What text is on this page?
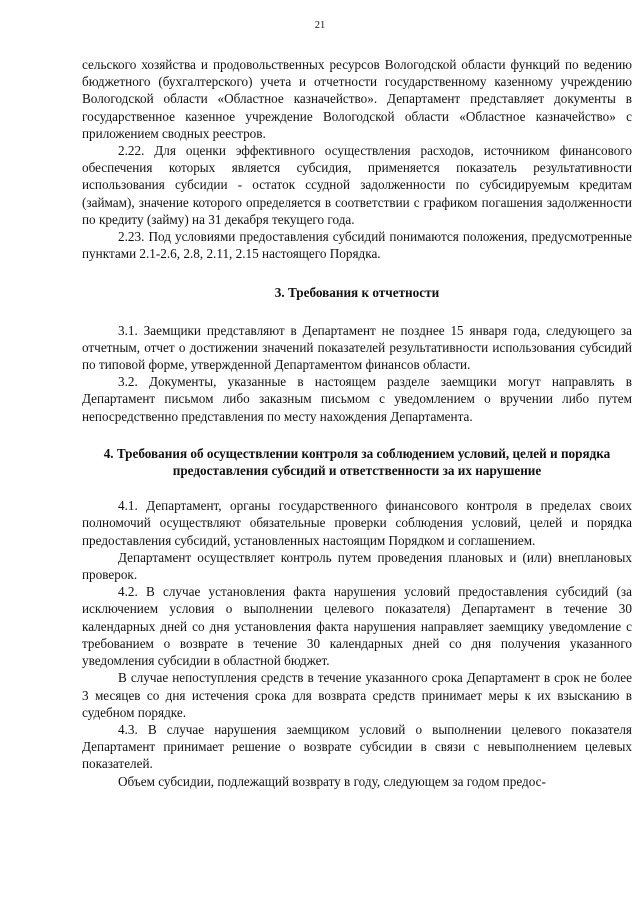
21

сельского хозяйства и продовольственных ресурсов Вологодской области функций по ведению бюджетного (бухгалтерского) учета и отчетности государственному казенному учреждению Вологодской области «Областное казначейство». Департамент представляет документы в государственное казенное учреждение Вологодской области «Областное казначейство» с приложением сводных реестров.

2.22. Для оценки эффективного осуществления расходов, источником финансового обеспечения которых является субсидия, применяется показатель результативности использования субсидии - остаток ссудной задолженности по субсидируемым кредитам (займам), значение которого определяется в соответствии с графиком погашения задолженности по кредиту (займу) на 31 декабря текущего года.

2.23. Под условиями предоставления субсидий понимаются положения, предусмотренные пунктами 2.1-2.6, 2.8, 2.11, 2.15 настоящего Порядка.

3. Требования к отчетности

3.1. Заемщики представляют в Департамент не позднее 15 января года, следующего за отчетным, отчет о достижении значений показателей результативности использования субсидий по типовой форме, утвержденной Департаментом финансов области.

3.2. Документы, указанные в настоящем разделе заемщики могут направлять в Департамент письмом либо заказным письмом с уведомлением о вручении либо путем непосредственно представления по месту нахождения Департамента.

4. Требования об осуществлении контроля за соблюдением условий, целей и порядка предоставления субсидий и ответственности за их нарушение

4.1. Департамент, органы государственного финансового контроля в пределах своих полномочий осуществляют обязательные проверки соблюдения условий, целей и порядка предоставления субсидий, установленных настоящим Порядком и соглашением.

Департамент осуществляет контроль путем проведения плановых и (или) внеплановых проверок.

4.2. В случае установления факта нарушения условий предоставления субсидий (за исключением условия о выполнении целевого показателя) Департамент в течение 30 календарных дней со дня установления факта нарушения направляет заемщику уведомление с требованием о возврате в течение 30 календарных дней со дня получения указанного уведомления субсидии в областной бюджет.

В случае непоступления средств в течение указанного срока Департамент в срок не более 3 месяцев со дня истечения срока для возврата средств принимает меры к их взысканию в судебном порядке.

4.3. В случае нарушения заемщиком условий о выполнении целевого показателя Департамент принимает решение о возврате субсидии в связи с невыполнением целевых показателей.

Объем субсидии, подлежащий возврату в году, следующем за годом предос-
